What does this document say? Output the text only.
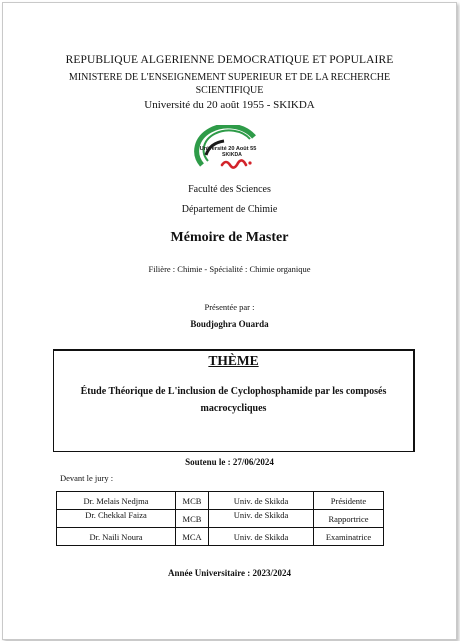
REPUBLIQUE ALGERIENNE DEMOCRATIQUE ET POPULAIRE
MINISTERE DE L'ENSEIGNEMENT SUPERIEUR ET DE LA RECHERCHE
SCIENTIFIQUE
Université du 20 août 1955 - SKIKDA
Université 20 Août 55
SKIKDA
Faculté des Sciences
Département de Chimie
Mémoire de Master
Filière : Chimie - Spécialité : Chimie organique
Présentée par :
Boudjoghra Ouarda
THÈME
Étude Théorique de L'inclusion de Cyclophosphamide par les composés macrocycliques
Soutenu le : 27/06/2024
Devant le jury :
Dr. Melais Nedjma	MCB	Univ. de Skikda	Présidente
Dr. Chekkal Faiza	MCB	Univ. de Skikda	Rapportrice
Dr. Naili Noura	MCA	Univ. de Skikda	Examinatrice
Année Universitaire : 2023/2024
